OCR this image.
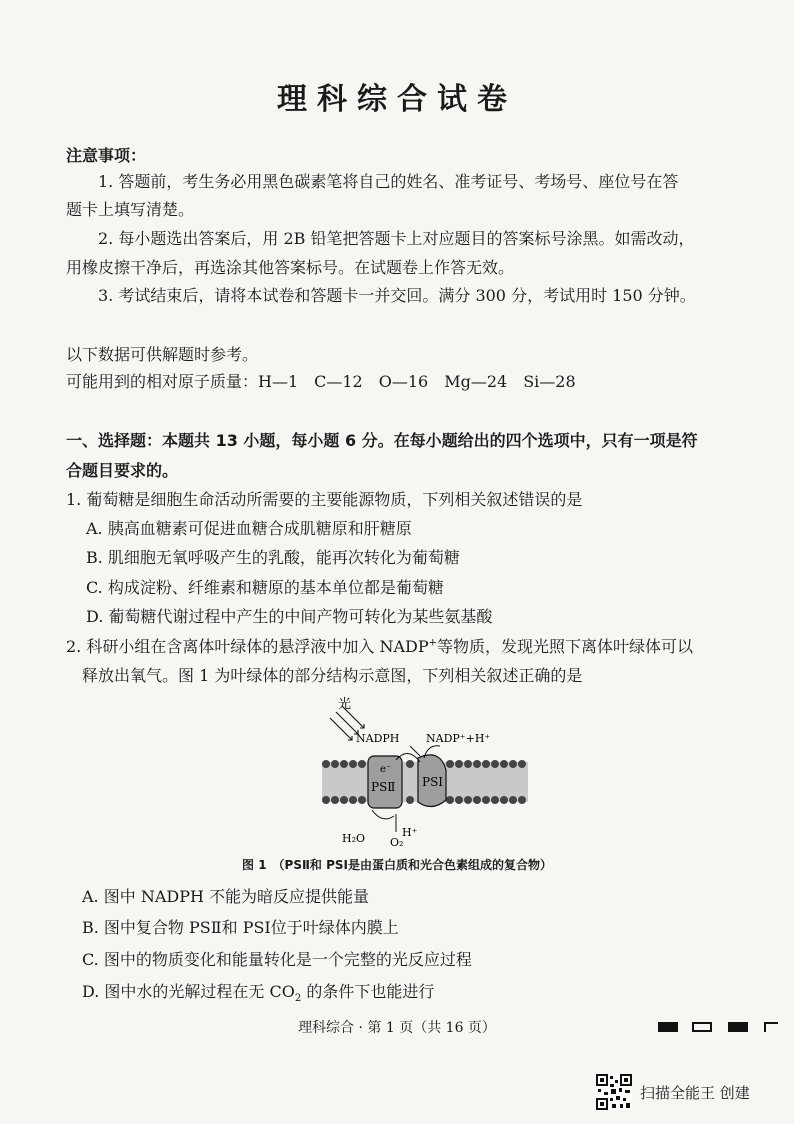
理科综合试卷
注意事项：
1. 答题前，考生务必用黑色碳素笔将自己的姓名、准考证号、考场号、座位号在答
题卡上填写清楚。
2. 每小题选出答案后，用 2B 铅笔把答题卡上对应题目的答案标号涂黑。如需改动，
用橡皮擦干净后，再选涂其他答案标号。在试题卷上作答无效。
3. 考试结束后，请将本试卷和答题卡一并交回。满分 300 分，考试用时 150 分钟。
以下数据可供解题时参考。
可能用到的相对原子质量：H—1　C—12　O—16　Mg—24　Si—28
一、选择题：本题共 13 小题，每小题 6 分。在每小题给出的四个选项中，只有一项是符
合题目要求的。
1. 葡萄糖是细胞生命活动所需要的主要能源物质，下列相关叙述错误的是
A. 胰高血糖素可促进血糖合成肌糖原和肝糖原
B. 肌细胞无氧呼吸产生的乳酸，能再次转化为葡萄糖
C. 构成淀粉、纤维素和糖原的基本单位都是葡萄糖
D. 葡萄糖代谢过程中产生的中间产物可转化为某些氨基酸
2. 科研小组在含离体叶绿体的悬浮液中加入 NADP+等物质，发现光照下离体叶绿体可以
释放出氧气。图 1 为叶绿体的部分结构示意图，下列相关叙述正确的是
光
PSⅡ
e⁻
PSⅠ
NADPH NADP⁺+H⁺
H₂O O₂
H⁺
图 1　（PSⅡ和 PSⅠ是由蛋白质和光合色素组成的复合物）
A. 图中 NADPH 不能为暗反应提供能量
B. 图中复合物 PSⅡ和 PSⅠ位于叶绿体内膜上
C. 图中的物质变化和能量转化是一个完整的光反应过程
D. 图中水的光解过程在无 $CO_2$ 的条件下也能进行
理科综合 · 第 1 页（共 16 页）
扫描全能王 创建
